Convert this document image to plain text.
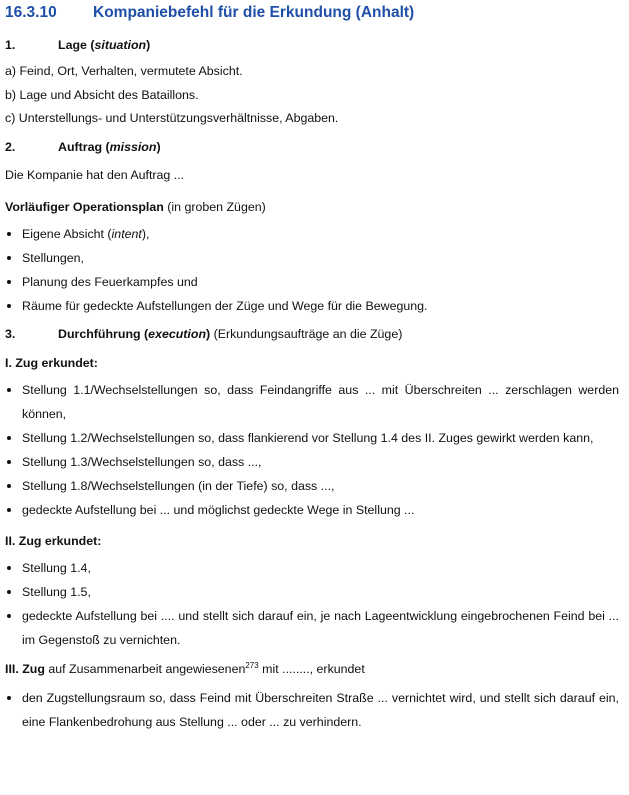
16.3.10	Kompaniebefehl für die Erkundung (Anhalt)
1.	Lage (situation)
a) Feind, Ort, Verhalten, vermutete Absicht.
b) Lage und Absicht des Bataillons.
c) Unterstellungs- und Unterstützungsverhältnisse, Abgaben.
2.	Auftrag (mission)
Die Kompanie hat den Auftrag ...
Vorläufiger Operationsplan (in groben Zügen)
Eigene Absicht (intent),
Stellungen,
Planung des Feuerkampfes und
Räume für gedeckte Aufstellungen der Züge und Wege für die Bewegung.
3.	Durchführung (execution) (Erkundungsaufträge an die Züge)
I. Zug erkundet:
Stellung 1.1/Wechselstellungen so, dass Feindangriffe aus ... mit Überschreiten ... zerschlagen werden können,
Stellung 1.2/Wechselstellungen so, dass flankierend vor Stellung 1.4 des II. Zuges gewirkt werden kann,
Stellung 1.3/Wechselstellungen so, dass ...,
Stellung 1.8/Wechselstellungen (in der Tiefe) so, dass ...,
gedeckte Aufstellung bei ... und möglichst gedeckte Wege in Stellung ...
II. Zug erkundet:
Stellung 1.4,
Stellung 1.5,
gedeckte Aufstellung bei .... und stellt sich darauf ein, je nach Lageentwicklung eingebrochenen Feind bei ... im Gegenstoß zu vernichten.
III. Zug auf Zusammenarbeit angewiesenen$^{273}$ mit ........, erkundet
den Zugstellungsraum so, dass Feind mit Überschreiten Straße ... vernichtet wird, und stellt sich darauf ein, eine Flankenbedrohung aus Stellung ... oder ... zu verhindern.
